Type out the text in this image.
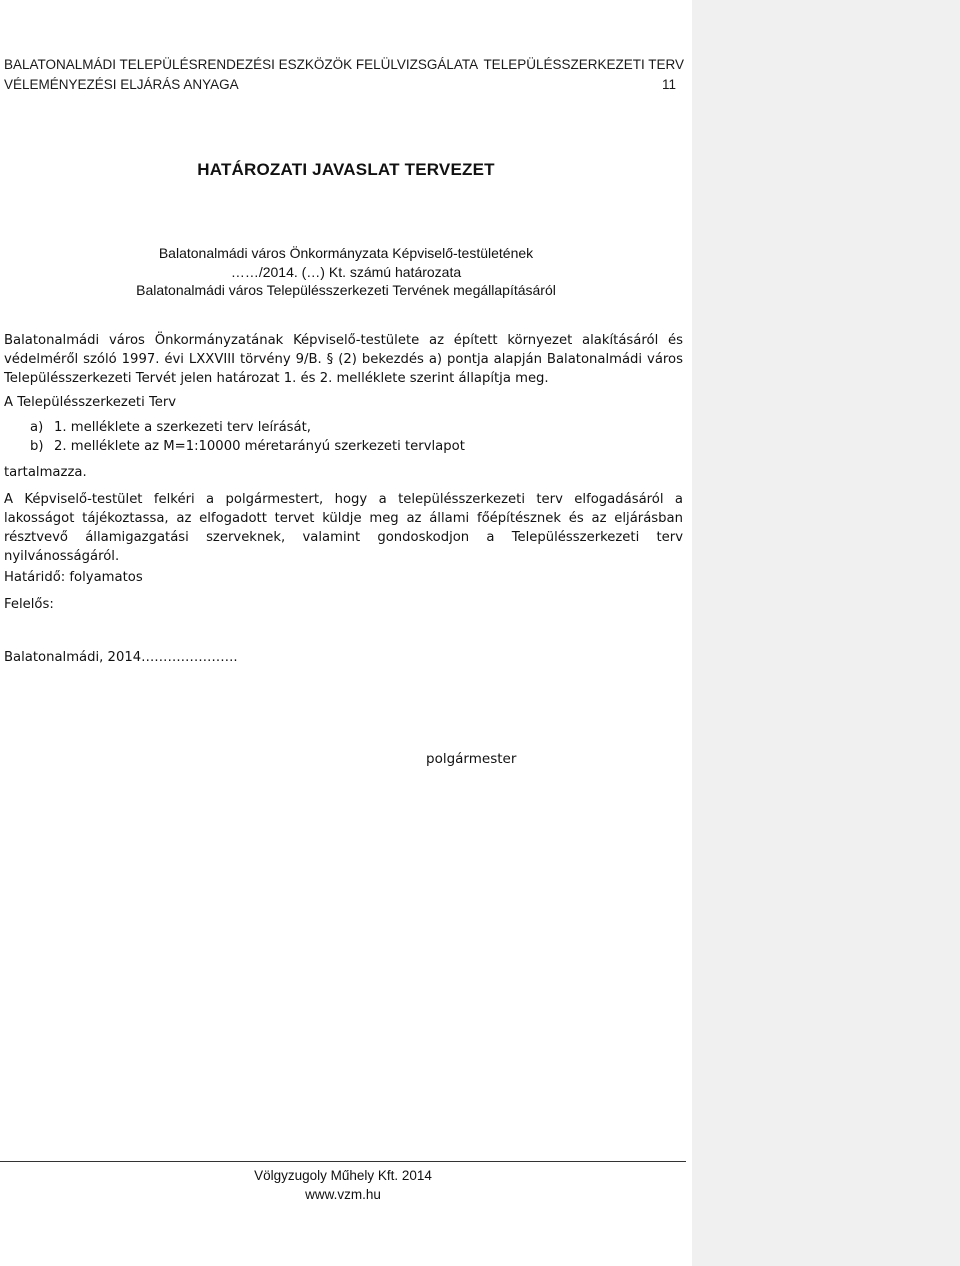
BALATONALMÁDI TELEPÜLÉSRENDEZÉSI ESZKÖZÖK FELÜLVIZSGÁLATA TELEPÜLÉSSZERKEZETI TERV
VÉLEMÉNYEZÉSI ELJÁRÁS ANYAGA	11
HATÁROZATI JAVASLAT TERVEZET
Balatonalmádi város Önkormányzata Képviselő-testületének
……/2014. (…) Kt. számú határozata
Balatonalmádi város Településszerkezeti Tervének megállapításáról
Balatonalmádi város Önkormányzatának Képviselő-testülete az épített környezet alakításáról és védelméről szóló 1997. évi LXXVIII törvény 9/B. § (2) bekezdés a) pontja alapján Balatonalmádi város Településszerkezeti Tervét jelen határozat 1. és 2. melléklete szerint állapítja meg.
A Településszerkezeti Terv
a) 1. melléklete a szerkezeti terv leírását,
b) 2. melléklete az M=1:10000 méretarányú szerkezeti tervlapot
tartalmazza.
A Képviselő-testület felkéri a polgármestert, hogy a településszerkezeti terv elfogadásáról a lakosságot tájékoztassa, az elfogadott tervet küldje meg az állami főépítésznek és az eljárásban résztvevő államigazgatási szerveknek, valamint gondoskodjon a Településszerkezeti terv nyilvánosságáról.
Határidő: folyamatos
Felelős:
Balatonalmádi, 2014………………….
polgármester
Völgyzugoly Műhely Kft. 2014
www.vzm.hu
